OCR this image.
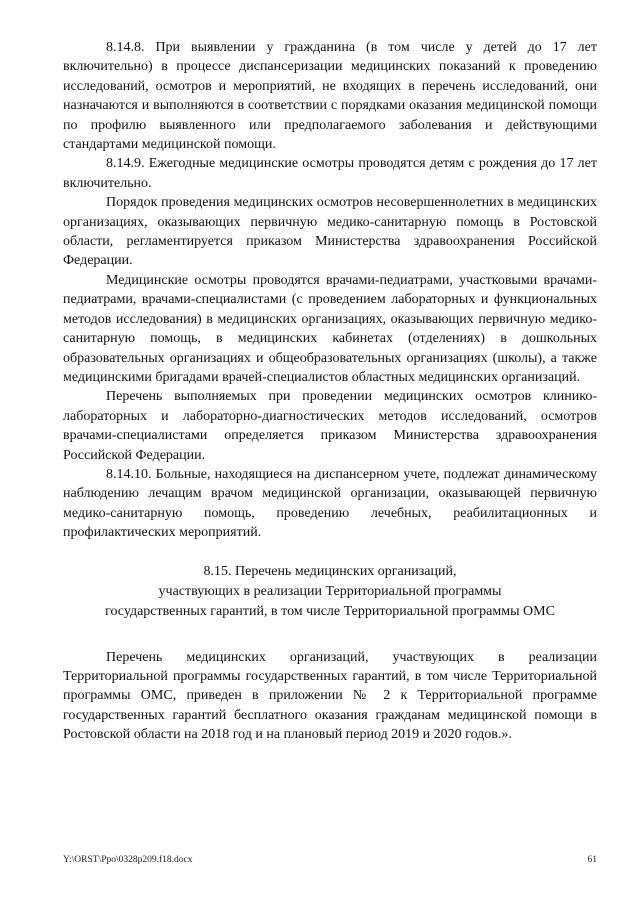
8.14.8. При выявлении у гражданина (в том числе у детей до 17 лет включительно) в процессе диспансеризации медицинских показаний к проведению исследований, осмотров и мероприятий, не входящих в перечень исследований, они назначаются и выполняются в соответствии с порядками оказания медицинской помощи по профилю выявленного или предполагаемого заболевания и действующими стандартами медицинской помощи.

8.14.9. Ежегодные медицинские осмотры проводятся детям с рождения до 17 лет включительно.

Порядок проведения медицинских осмотров несовершеннолетних в медицинских организациях, оказывающих первичную медико-санитарную помощь в Ростовской области, регламентируется приказом Министерства здравоохранения Российской Федерации.

Медицинские осмотры проводятся врачами-педиатрами, участковыми врачами-педиатрами, врачами-специалистами (с проведением лабораторных и функциональных методов исследования) в медицинских организациях, оказывающих первичную медико-санитарную помощь, в медицинских кабинетах (отделениях) в дошкольных образовательных организациях и общеобразовательных организациях (школы), а также медицинскими бригадами врачей-специалистов областных медицинских организаций.

Перечень выполняемых при проведении медицинских осмотров клинико-лабораторных и лабораторно-диагностических методов исследований, осмотров врачами-специалистами определяется приказом Министерства здравоохранения Российской Федерации.

8.14.10. Больные, находящиеся на диспансерном учете, подлежат динамическому наблюдению лечащим врачом медицинской организации, оказывающей первичную медико-санитарную помощь, проведению лечебных, реабилитационных и профилактических мероприятий.

8.15. Перечень медицинских организаций,
участвующих в реализации Территориальной программы
государственных гарантий, в том числе Территориальной программы ОМС

Перечень медицинских организаций, участвующих в реализации Территориальной программы государственных гарантий, в том числе Территориальной программы ОМС, приведен в приложении № 2 к Территориальной программе государственных гарантий бесплатного оказания гражданам медицинской помощи в Ростовской области на 2018 год и на плановый период 2019 и 2020 годов.».

Y:\ORST\Ppo\0328p209.f18.docx	61
